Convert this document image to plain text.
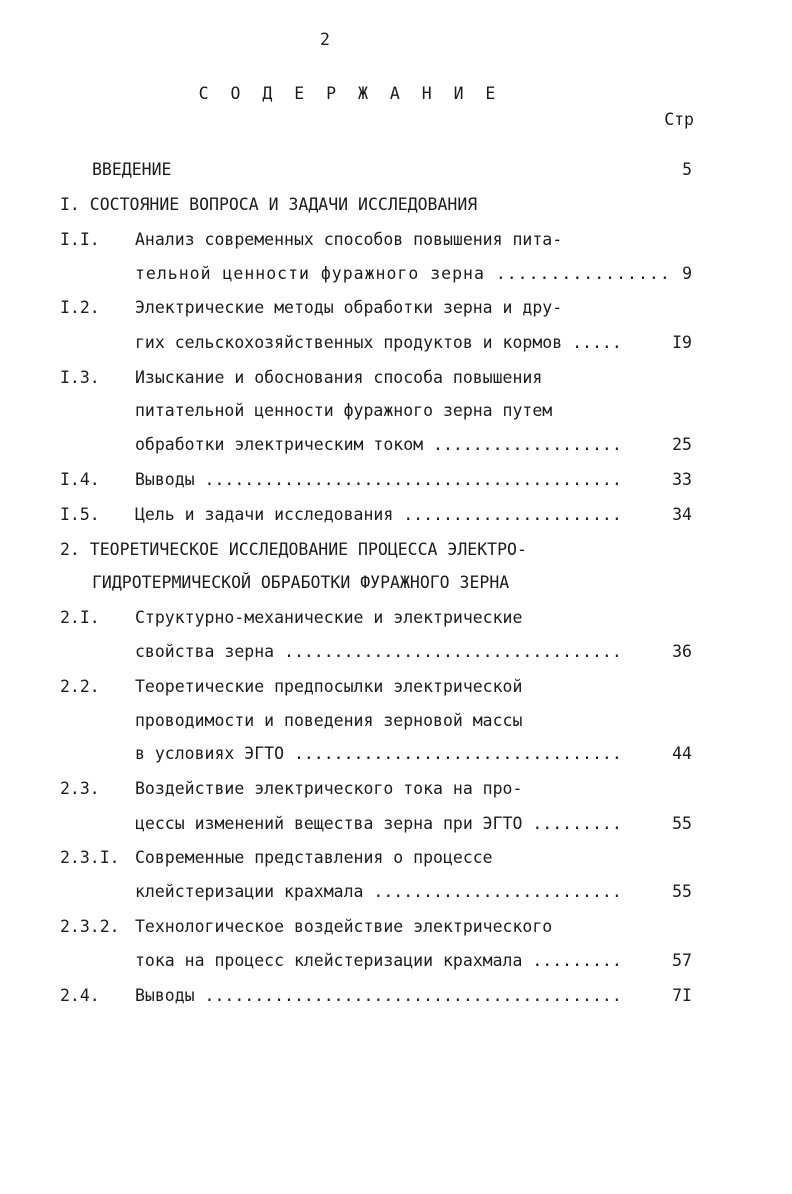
2
С О Д Е Р Ж А Н И Е
Стр
ВВЕДЕНИЕ	5
I. СОСТОЯНИЕ ВОПРОСА И ЗАДАЧИ ИССЛЕДОВАНИЯ
I.I. Анализ современных способов повышения пита-
тельной ценности фуражного зерна ................ 9
I.2. Электрические методы обработки зерна и дру-
гих сельскохозяйственных продуктов и кормов .....	I9
I.3. Изыскание и обоснования способа повышения
питательной ценности фуражного зерна путем
обработки электрическим током ...................	25
I.4. Выводы ..........................................	33
I.5. Цель и задачи исследования ......................	34
2. ТЕОРЕТИЧЕСКОЕ ИССЛЕДОВАНИЕ ПРОЦЕССА ЭЛЕКТРО-
ГИДРОТЕРМИЧЕСКОЙ ОБРАБОТКИ ФУРАЖНОГО ЗЕРНА
2.I. Структурно-механические и электрические
свойства зерна ..................................	36
2.2. Теоретические предпосылки электрической
проводимости и поведения зерновой массы
в условиях ЭГТО .................................	44
2.3. Воздействие электрического тока на про-
цессы изменений вещества зерна при ЭГТО .........	55
2.3.I. Современные представления о процессе
клейстеризации крахмала .........................	55
2.3.2. Технологическое воздействие электрического
тока на процесс клейстеризации крахмала .........	57
2.4. Выводы ..........................................	7I
